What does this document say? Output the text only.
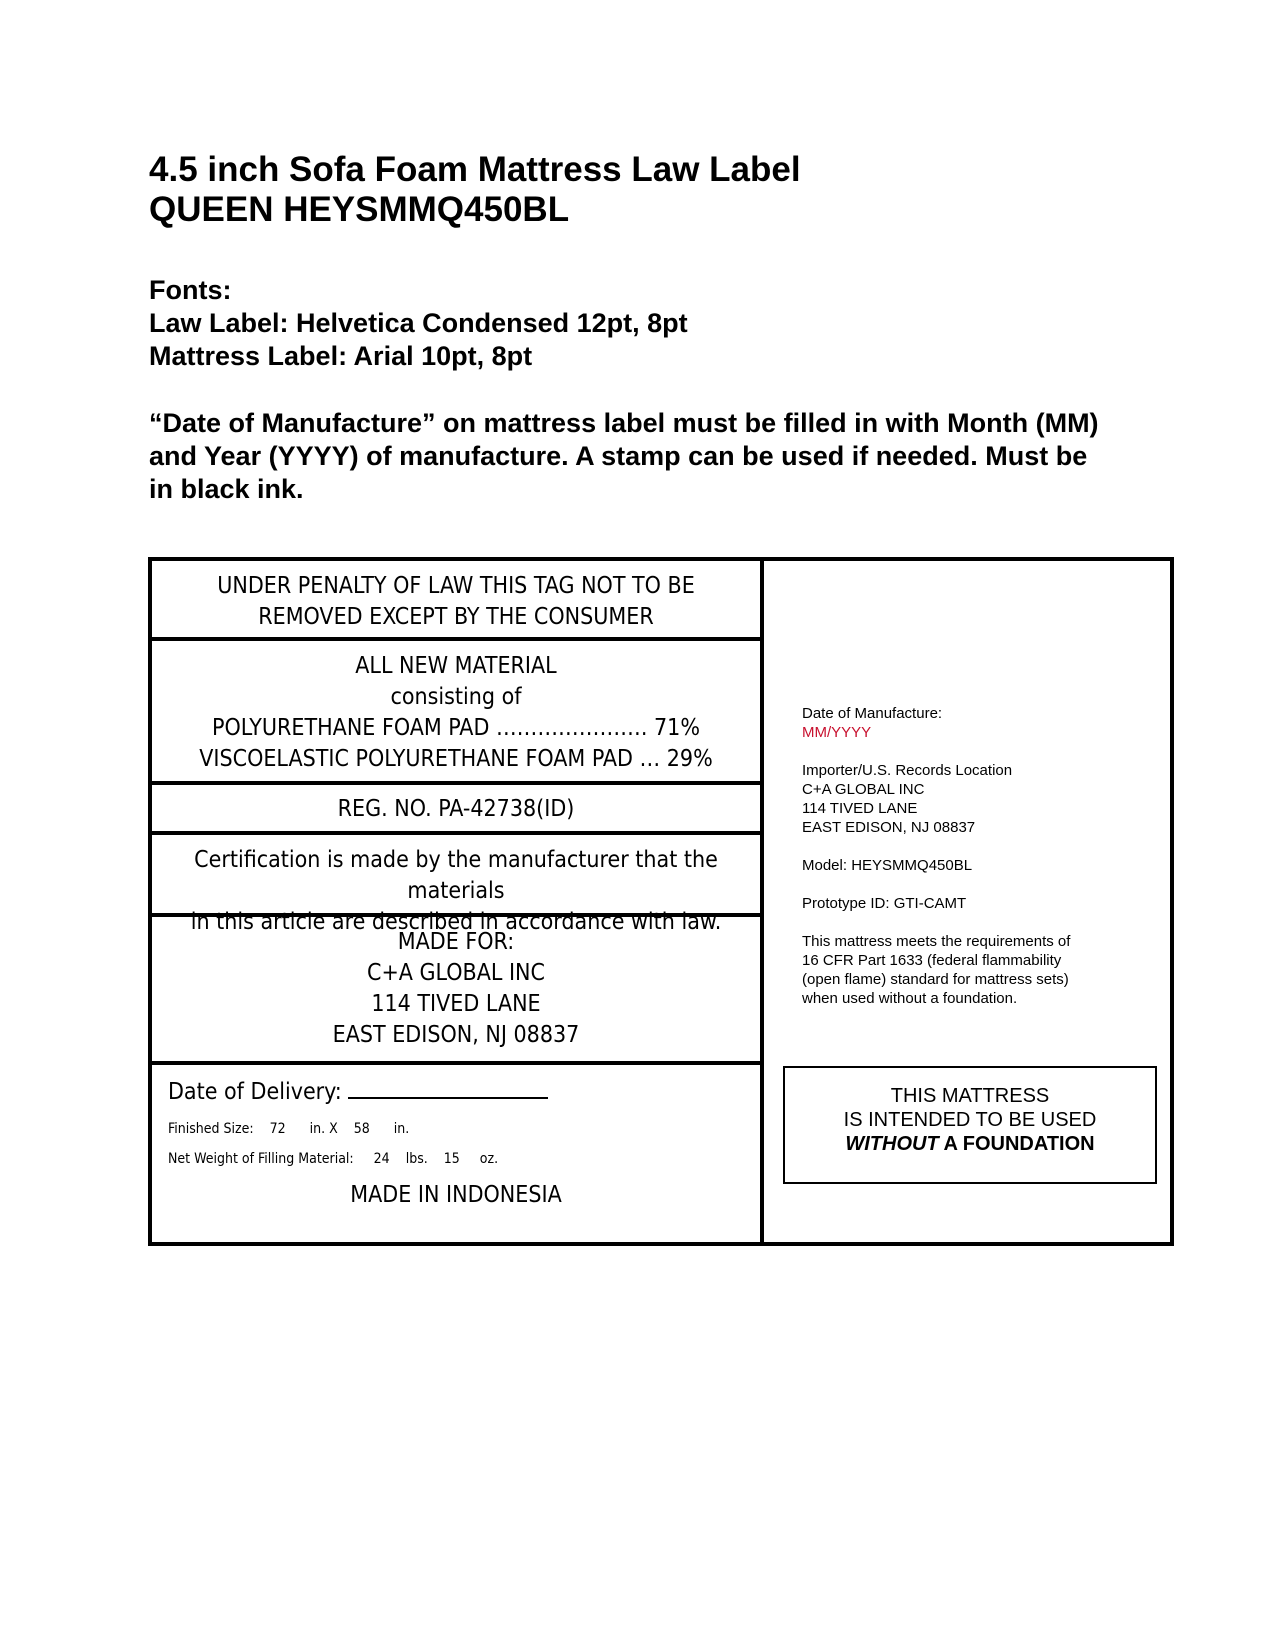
4.5 inch Sofa Foam Mattress Law Label

QUEEN HEYSMMQ450BL

Fonts:
Law Label: Helvetica Condensed 12pt, 8pt
Mattress Label: Arial 10pt, 8pt
“Date of Manufacture” on mattress label must be filled in with Month (MM) and Year (YYYY) of manufacture. A stamp can be used if needed. Must be in black ink.
UNDER PENALTY OF LAW THIS TAG NOT TO BE
REMOVED EXCEPT BY THE CONSUMER
ALL NEW MATERIAL
consisting of
POLYURETHANE FOAM PAD …………………. 71%
VISCOELASTIC POLYURETHANE FOAM PAD … 29%
REG. NO. PA-42738(ID)
Certification is made by the manufacturer that the materials
in this article are described in accordance with law.
MADE FOR:
C+A GLOBAL INC
114 TIVED LANE
EAST EDISON, NJ 08837
Date of Delivery:
Finished Size: 72 in. X 58 in.
Net Weight of Filling Material: 24 lbs. 15 oz.
MADE IN INDONESIA
Date of Manufacture:
MM/YYYY
Importer/U.S. Records Location
C+A GLOBAL INC
114 TIVED LANE
EAST EDISON, NJ 08837
Model: HEYSMMQ450BL
Prototype ID: GTI-CAMT
This mattress meets the requirements of
16 CFR Part 1633 (federal flammability
(open flame) standard for mattress sets)
when used without a foundation.
THIS MATTRESS
IS INTENDED TO BE USED
WITHOUT A FOUNDATION
